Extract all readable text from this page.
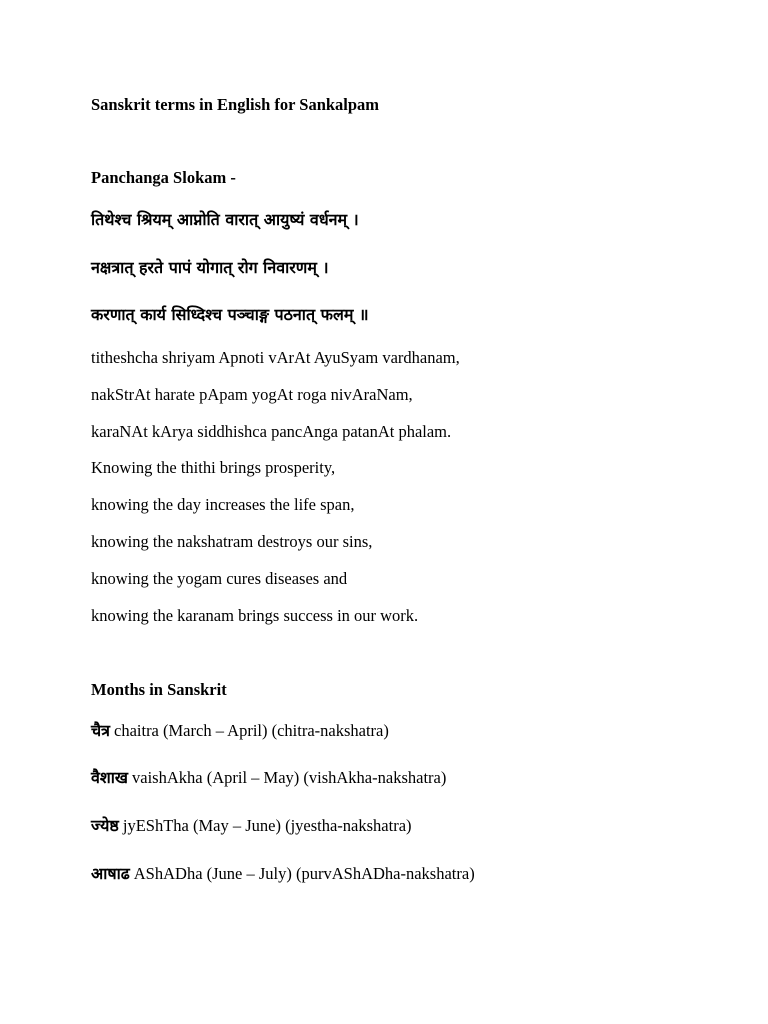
Sanskrit terms in English for Sankalpam
Panchanga Slokam -
तिथेश्च श्रियम् आप्नोति वारात् आयुष्यं वर्धनम् ।
नक्षत्रात् हरते पापं योगात् रोग निवारणम् ।
करणात् कार्य सिध्दिश्च पञ्चाङ्ग पठनात् फलम् ॥
titheshcha shriyam Apnoti vArAt AyuSyam vardhanam,
nakStrAt harate pApam yogAt roga nivAraNam,
karaNAt kArya siddhishca pancAnga patanAt phalam.
Knowing the thithi brings prosperity,
knowing the day increases the life span,
knowing the nakshatram destroys our sins,
knowing the yogam cures diseases and
knowing the karanam brings success in our work.
Months in Sanskrit
चैत्र chaitra (March – April) (chitra-nakshatra)
वैशाख vaishAkha (April – May) (vishAkha-nakshatra)
ज्येष्ठ jyEShTha (May – June) (jyestha-nakshatra)
आषाढ AShADha (June – July) (purvAShADha-nakshatra)
